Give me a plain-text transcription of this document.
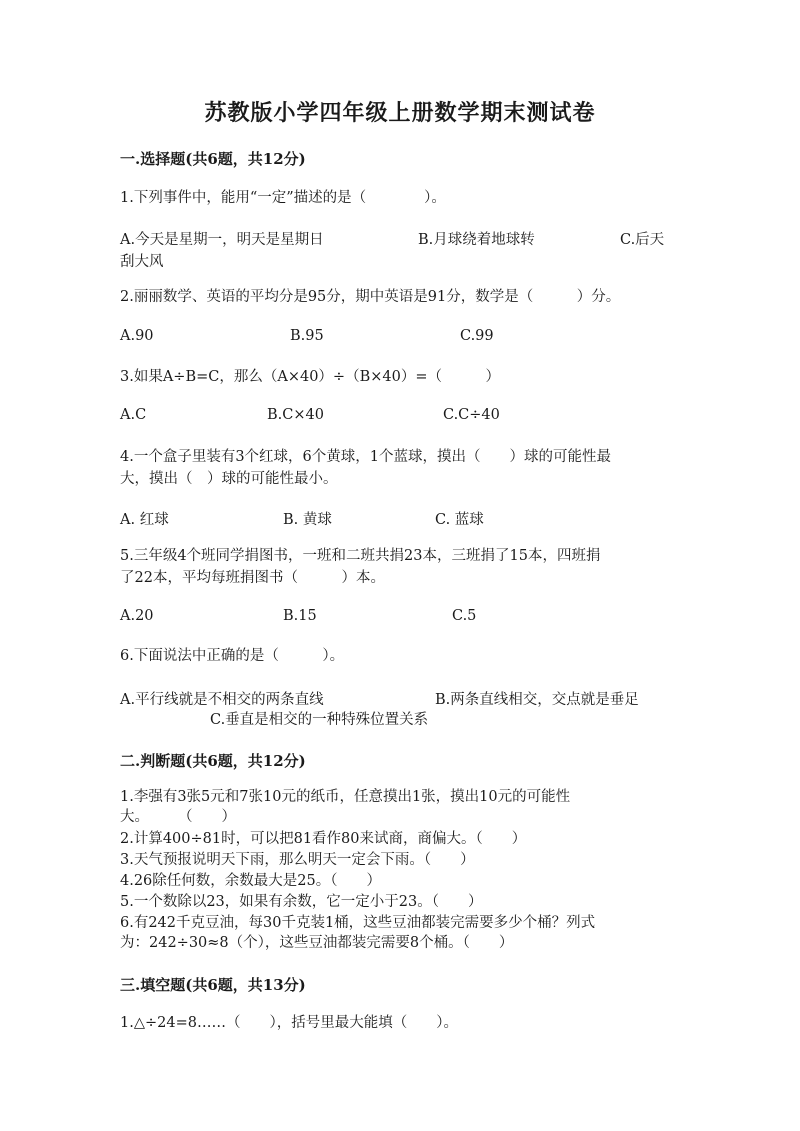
苏教版小学四年级上册数学期末测试卷
一.选择题(共6题，共12分)
1.下列事件中，能用“一定”描述的是（　　　　）。
A.今天是星期一，明天是星期日	B.月球绕着地球转	C.后天
刮大风
2.丽丽数学、英语的平均分是95分，期中英语是91分，数学是（　　　）分。
A.90	B.95	C.99
3.如果A÷B=C，那么（A×40）÷（B×40）=（　　　）
A.C	B.C×40	C.C÷40
4.一个盒子里装有3个红球，6个黄球，1个蓝球，摸出（　　）球的可能性最
大，摸出（　）球的可能性最小。
A. 红球	B. 黄球	C. 蓝球
5.三年级4个班同学捐图书，一班和二班共捐23本，三班捐了15本，四班捐
了22本，平均每班捐图书（　　　）本。
A.20	B.15	C.5
6.下面说法中正确的是（　　　）。
A.平行线就是不相交的两条直线	B.两条直线相交，交点就是垂足
C.垂直是相交的一种特殊位置关系
二.判断题(共6题，共12分)
1.李强有3张5元和7张10元的纸币，任意摸出1张，摸出10元的可能性
大。　　　（　　）
2.计算400÷81时，可以把81看作80来试商，商偏大。（　　）
3.天气预报说明天下雨，那么明天一定会下雨。（　　）
4.26除任何数，余数最大是25。（　　）
5.一个数除以23，如果有余数，它一定小于23。（　　）
6.有242千克豆油，每30千克装1桶，这些豆油都装完需要多少个桶？列式
为：242÷30≈8（个），这些豆油都装完需要8个桶。（　　）
三.填空题(共6题，共13分)
1.△÷24=8……（　　），括号里最大能填（　　）。
